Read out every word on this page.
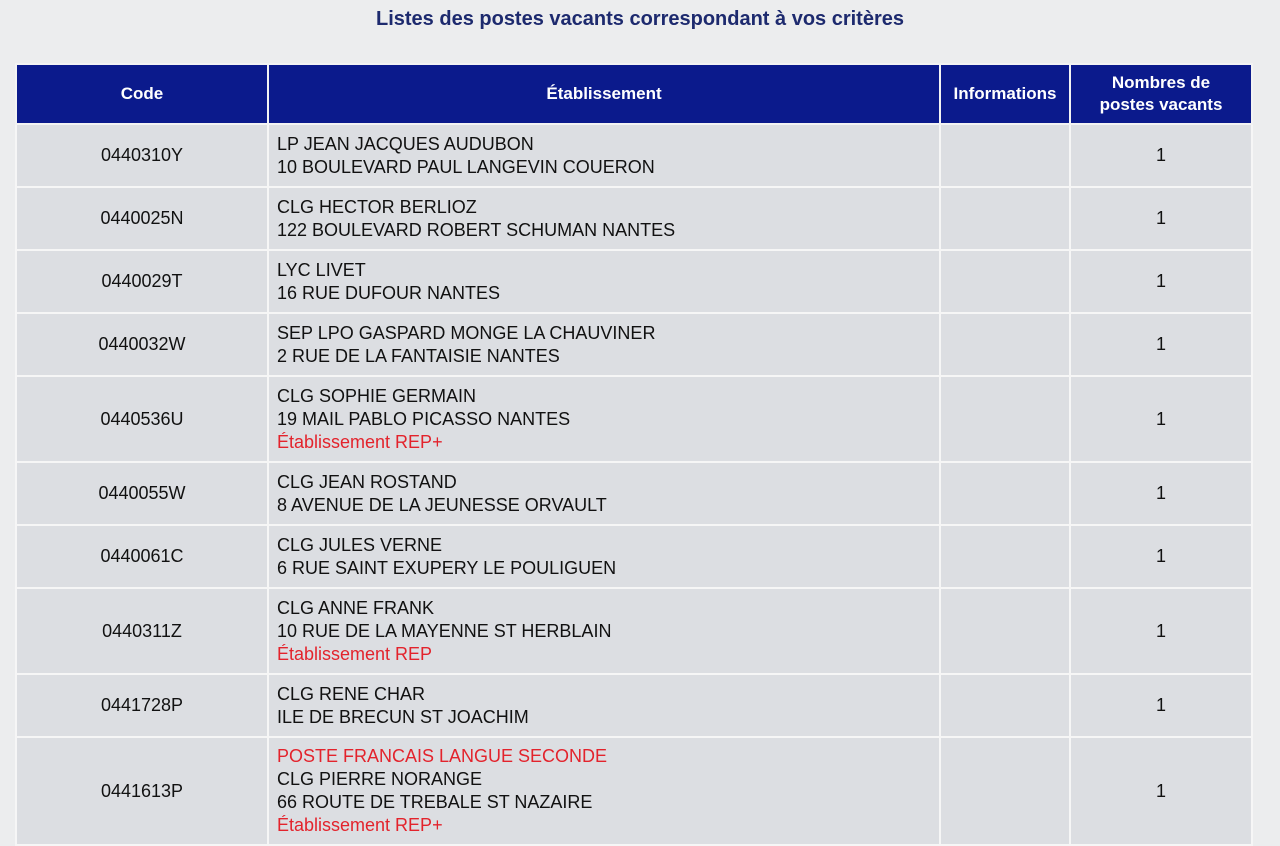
Listes des postes vacants correspondant à vos critères
Code	Établissement	Informations	Nombres de
postes vacants

0440310Y	LP JEAN JACQUES AUDUBON
10 BOULEVARD PAUL LANGEVIN COUERON		1
0440025N	CLG HECTOR BERLIOZ
122 BOULEVARD ROBERT SCHUMAN NANTES		1
0440029T	LYC LIVET
16 RUE DUFOUR NANTES		1
0440032W	SEP LPO GASPARD MONGE LA CHAUVINER
2 RUE DE LA FANTAISIE NANTES		1
0440536U	CLG SOPHIE GERMAIN
19 MAIL PABLO PICASSO NANTES
Établissement REP+		1
0440055W	CLG JEAN ROSTAND
8 AVENUE DE LA JEUNESSE ORVAULT		1
0440061C	CLG JULES VERNE
6 RUE SAINT EXUPERY LE POULIGUEN		1
0440311Z	CLG ANNE FRANK
10 RUE DE LA MAYENNE ST HERBLAIN
Établissement REP		1
0441728P	CLG RENE CHAR
ILE DE BRECUN ST JOACHIM		1
0441613P	POSTE FRANCAIS LANGUE SECONDE
CLG PIERRE NORANGE
66 ROUTE DE TREBALE ST NAZAIRE
Établissement REP+		1
